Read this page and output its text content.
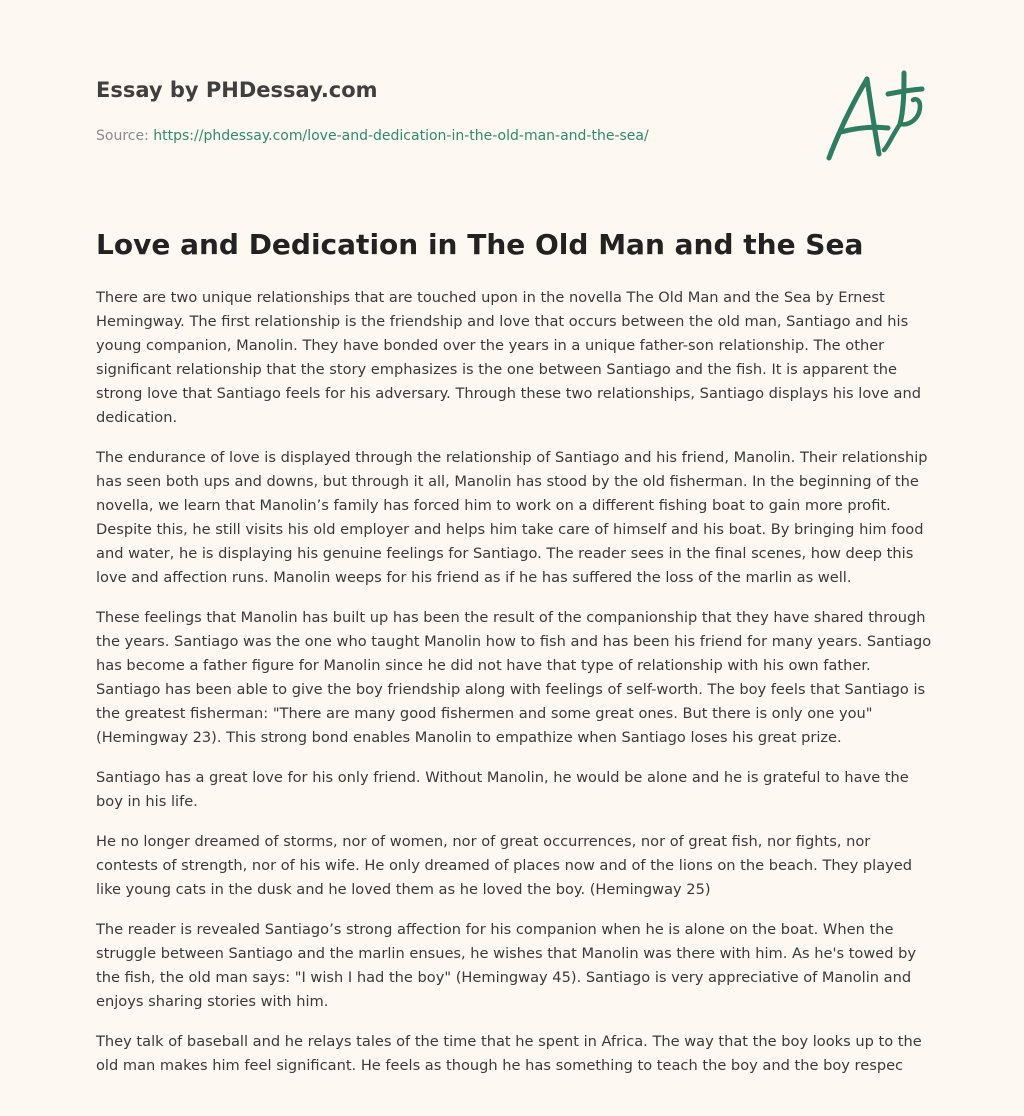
Essay by PHDessay.com
Source: https://phdessay.com/love-and-dedication-in-the-old-man-and-the-sea/
Love and Dedication in The Old Man and the Sea

There are two unique relationships that are touched upon in the novella The Old Man and the Sea by Ernest Hemingway. The first relationship is the friendship and love that occurs between the old man, Santiago and his young companion, Manolin. They have bonded over the years in a unique father-son relationship. The other significant relationship that the story emphasizes is the one between Santiago and the fish. It is apparent the strong love that Santiago feels for his adversary. Through these two relationships, Santiago displays his love and dedication.

The endurance of love is displayed through the relationship of Santiago and his friend, Manolin. Their relationship has seen both ups and downs, but through it all, Manolin has stood by the old fisherman. In the beginning of the novella, we learn that Manolin’s family has forced him to work on a different fishing boat to gain more profit. Despite this, he still visits his old employer and helps him take care of himself and his boat. By bringing him food and water, he is displaying his genuine feelings for Santiago. The reader sees in the final scenes, how deep this love and affection runs. Manolin weeps for his friend as if he has suffered the loss of the marlin as well.

These feelings that Manolin has built up has been the result of the companionship that they have shared through the years. Santiago was the one who taught Manolin how to fish and has been his friend for many years. Santiago has become a father figure for Manolin since he did not have that type of relationship with his own father. Santiago has been able to give the boy friendship along with feelings of self-worth. The boy feels that Santiago is the greatest fisherman: "There are many good fishermen and some great ones. But there is only one you" (Hemingway 23). This strong bond enables Manolin to empathize when Santiago loses his great prize.

Santiago has a great love for his only friend. Without Manolin, he would be alone and he is grateful to have the boy in his life.

He no longer dreamed of storms, nor of women, nor of great occurrences, nor of great fish, nor fights, nor contests of strength, nor of his wife. He only dreamed of places now and of the lions on the beach. They played like young cats in the dusk and he loved them as he loved the boy. (Hemingway 25)

The reader is revealed Santiago’s strong affection for his companion when he is alone on the boat. When the struggle between Santiago and the marlin ensues, he wishes that Manolin was there with him. As he's towed by the fish, the old man says: "I wish I had the boy" (Hemingway 45). Santiago is very appreciative of Manolin and enjoys sharing stories with him.

They talk of baseball and he relays tales of the time that he spent in Africa. The way that the boy looks up to the old man makes him feel significant. He feels as though he has something to teach the boy and the boy respec
